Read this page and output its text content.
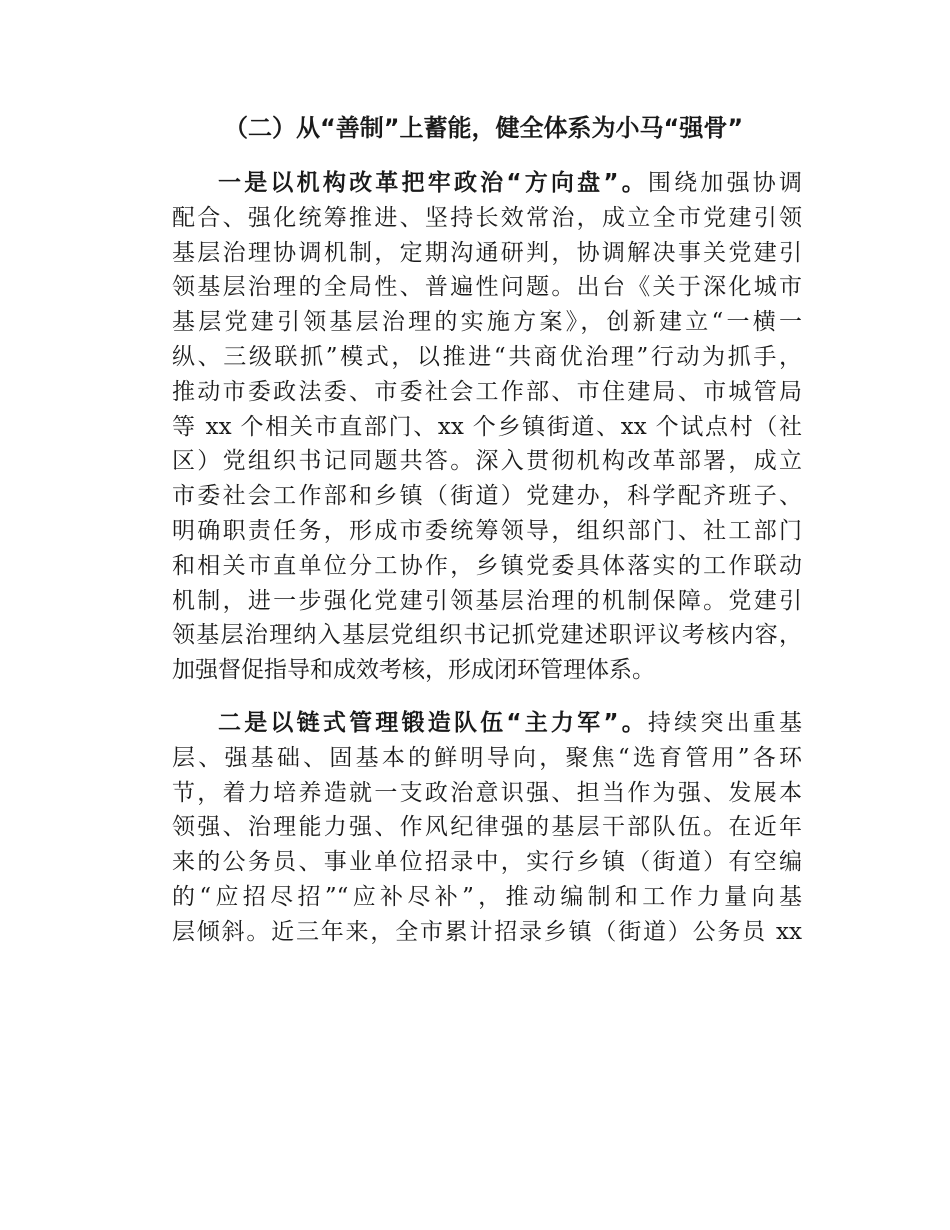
（二）从“善制”上蓄能，健全体系为小马“强骨”
一是以机构改革把牢政治“方向盘”。围绕加强协调
配合、强化统筹推进、坚持长效常治，成立全市党建引领
基层治理协调机制，定期沟通研判，协调解决事关党建引
领基层治理的全局性、普遍性问题。出台《关于深化城市
基层党建引领基层治理的实施方案》，创新建立“一横一
纵、三级联抓”模式，以推进“共商优治理”行动为抓手，
推动市委政法委、市委社会工作部、市住建局、市城管局
等 xx 个相关市直部门、xx 个乡镇街道、xx 个试点村（社
区）党组织书记同题共答。深入贯彻机构改革部署，成立
市委社会工作部和乡镇（街道）党建办，科学配齐班子、
明确职责任务，形成市委统筹领导，组织部门、社工部门
和相关市直单位分工协作，乡镇党委具体落实的工作联动
机制，进一步强化党建引领基层治理的机制保障。党建引
领基层治理纳入基层党组织书记抓党建述职评议考核内容，
加强督促指导和成效考核，形成闭环管理体系。
二是以链式管理锻造队伍“主力军”。持续突出重基
层、强基础、固基本的鲜明导向，聚焦“选育管用”各环
节，着力培养造就一支政治意识强、担当作为强、发展本
领强、治理能力强、作风纪律强的基层干部队伍。在近年
来的公务员、事业单位招录中，实行乡镇（街道）有空编
的“应招尽招”“应补尽补”，推动编制和工作力量向基
层倾斜。近三年来，全市累计招录乡镇（街道）公务员 xx
